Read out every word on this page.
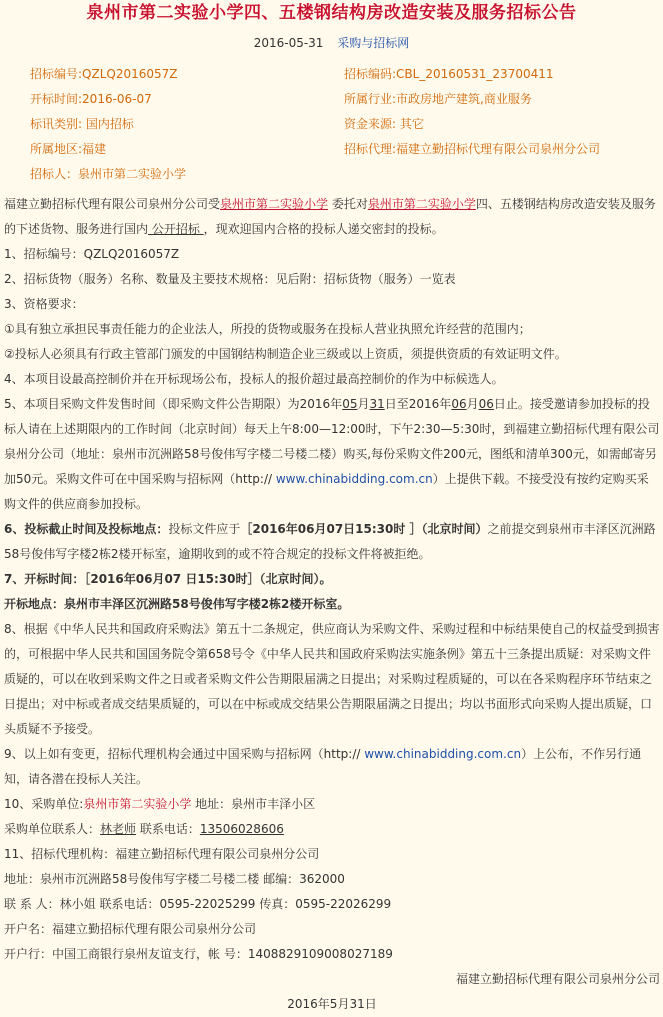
泉州市第二实验小学四、五楼钢结构房改造安装及服务招标公告
2016-05-31 采购与招标网
招标编号:QZLQ2016057Z	招标编码:CBL_20160531_23700411
开标时间:2016-06-07	所属行业:市政房地产建筑,商业服务
标讯类别: 国内招标	资金来源: 其它
所属地区:福建	招标代理:福建立勤招标代理有限公司泉州分公司
招标人：泉州市第二实验小学

福建立勤招标代理有限公司泉州分公司受泉州市第二实验小学 委托对泉州市第二实验小学四、五楼钢结构房改造安装及服务的下述货物、服务进行国内 公开招标 ，现欢迎国内合格的投标人递交密封的投标。

1、招标编号：QZLQ2016057Z

2、招标货物（服务）名称、数量及主要技术规格：见后附：招标货物（服务）一览表

3、资格要求：

①具有独立承担民事责任能力的企业法人，所投的货物或服务在投标人营业执照允许经营的范围内；

②投标人必须具有行政主管部门颁发的中国钢结构制造企业三级或以上资质，须提供资质的有效证明文件。

4、本项目设最高控制价并在开标现场公布，投标人的报价超过最高控制价的作为中标候选人。

5、本项目采购文件发售时间（即采购文件公告期限）为2016年05月31日至2016年06月06日止。接受邀请参加投标的投标人请在上述期限内的工作时间（北京时间）每天上午8:00—12:00时，下午2:30—5:30时，到福建立勤招标代理有限公司泉州分公司（地址：泉州市沉洲路58号俊伟写字楼二号楼二楼）购买,每份采购文件200元，图纸和清单300元，如需邮寄另加50元。采购文件可在中国采购与招标网（http:// www.chinabidding.com.cn）上提供下载。不接受没有按约定购买采购文件的供应商参加投标。

6、投标截止时间及投标地点：投标文件应于［2016年06月07日15:30时 ］（北京时间）之前提交到泉州市丰泽区沉洲路58号俊伟写字楼2栋2楼开标室，逾期收到的或不符合规定的投标文件将被拒绝。

7、开标时间：［2016年06月07 日15:30时］（北京时间）。

开标地点：泉州市丰泽区沉洲路58号俊伟写字楼2栋2楼开标室。

8、根据《中华人民共和国政府采购法》第五十二条规定，供应商认为采购文件、采购过程和中标结果使自己的权益受到损害的，可根据中华人民共和国国务院令第658号令《中华人民共和国政府采购法实施条例》第五十三条提出质疑：对采购文件质疑的，可以在收到采购文件之日或者采购文件公告期限届满之日提出；对采购过程质疑的，可以在各采购程序环节结束之日提出；对中标或者成交结果质疑的，可以在中标或成交结果公告期限届满之日提出；均以书面形式向采购人提出质疑，口头质疑不予接受。

9、以上如有变更，招标代理机构会通过中国采购与招标网（http:// www.chinabidding.com.cn）上公布，不作另行通知，请各潜在投标人关注。

10、采购单位:泉州市第二实验小学 地址：泉州市丰泽小区

采购单位联系人：林老师 联系电话：13506028606

11、招标代理机构：福建立勤招标代理有限公司泉州分公司

地址：泉州市沉洲路58号俊伟写字楼二号楼二楼 邮编：362000

联 系 人：林小姐 联系电话：0595-22025299 传真：0595-22026299

开户名：福建立勤招标代理有限公司泉州分公司

开户行：中国工商银行泉州友谊支行，帐 号：1408829109008027189

福建立勤招标代理有限公司泉州分公司

2016年5月31日
